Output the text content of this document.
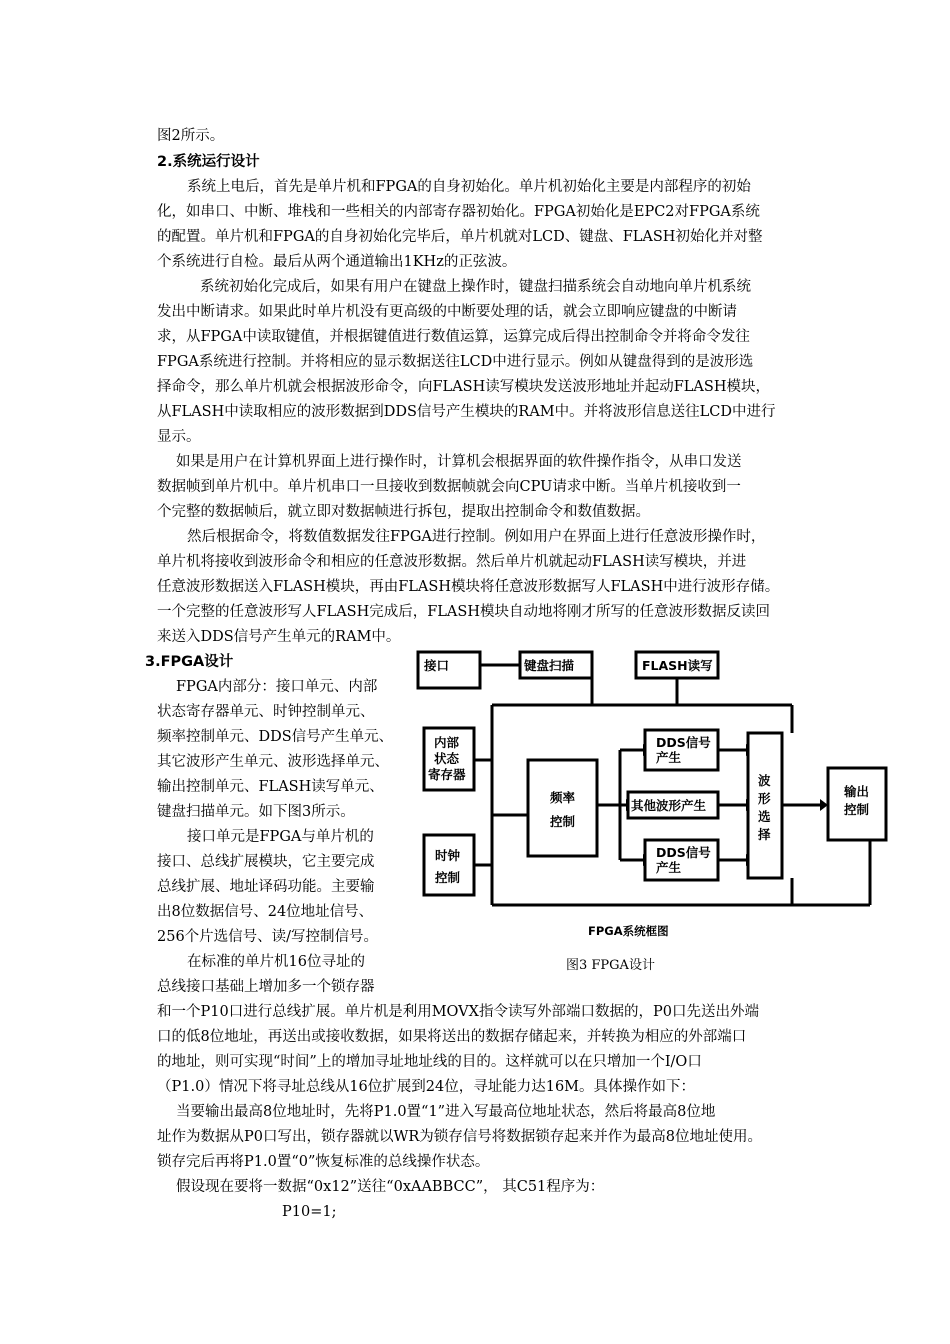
图2所示。
2.系统运行设计
系统上电后，首先是单片机和FPGA的自身初始化。单片机初始化主要是内部程序的初始
化，如串口、中断、堆栈和一些相关的内部寄存器初始化。FPGA初始化是EPC2对FPGA系统
的配置。单片机和FPGA的自身初始化完毕后，单片机就对LCD、键盘、FLASH初始化并对整
个系统进行自检。最后从两个通道输出1KHz的正弦波。
系统初始化完成后，如果有用户在键盘上操作时，键盘扫描系统会自动地向单片机系统
发出中断请求。如果此时单片机没有更高级的中断要处理的话，就会立即响应键盘的中断请
求，从FPGA中读取键值，并根据键值进行数值运算，运算完成后得出控制命令并将命令发往
FPGA系统进行控制。并将相应的显示数据送往LCD中进行显示。例如从键盘得到的是波形选
择命令，那么单片机就会根据波形命令，向FLASH读写模块发送波形地址并起动FLASH模块，
从FLASH中读取相应的波形数据到DDS信号产生模块的RAM中。并将波形信息送往LCD中进行
显示。
如果是用户在计算机界面上进行操作时，计算机会根据界面的软件操作指令，从串口发送
数据帧到单片机中。单片机串口一旦接收到数据帧就会向CPU请求中断。当单片机接收到一
个完整的数据帧后，就立即对数据帧进行拆包，提取出控制命令和数值数据。
然后根据命令，将数值数据发往FPGA进行控制。例如用户在界面上进行任意波形操作时，
单片机将接收到波形命令和相应的任意波形数据。然后单片机就起动FLASH读写模块，并进
任意波形数据送入FLASH模块，再由FLASH模块将任意波形数据写人FLASH中进行波形存储。
一个完整的任意波形写人FLASH完成后，FLASH模块自动地将刚才所写的任意波形数据反读回
来送入DDS信号产生单元的RAM中。
3.FPGA设计
FPGA内部分：接口单元、内部
状态寄存器单元、时钟控制单元、
频率控制单元、DDS信号产生单元、
其它波形产生单元、波形选择单元、
输出控制单元、FLASH读写单元、
键盘扫描单元。如下图3所示。
接口单元是FPGA与单片机的
接口、总线扩展模块，它主要完成
总线扩展、地址译码功能。主要输
出8位数据信号、24位地址信号、
256个片选信号、读/写控制信号。
在标准的单片机16位寻址的
总线接口基础上增加多一个锁存器
和一个P10口进行总线扩展。单片机是利用MOVX指令读写外部端口数据的，P0口先送出外端
口的低8位地址，再送出或接收数据，如果将送出的数据存储起来，并转换为相应的外部端口
的地址，则可实现“时间”上的增加寻址地址线的目的。这样就可以在只增加一个I/O口
（P1.0）情况下将寻址总线从16位扩展到24位，寻址能力达16M。具体操作如下：
当要输出最高8位地址时，先将P1.0置“1”进入写最高位地址状态，然后将最高8位地
址作为数据从P0口写出，锁存器就以WR为锁存信号将数据锁存起来并作为最高8位地址使用。
锁存完后再将P1.0置“0”恢复标准的总线操作状态。
假设现在要将一数据“0x12”送往“0xAABBCC”， 其C51程序为：
P10=1;
接口	键盘扫描	FLASH读写
内部
状态
寄存器
频率
控制
DDS信号
产生
其他波形产生
DDS信号
产生
波
形
选
择
输出
控制
时钟
控制
FPGA系统框图
图3 FPGA设计
